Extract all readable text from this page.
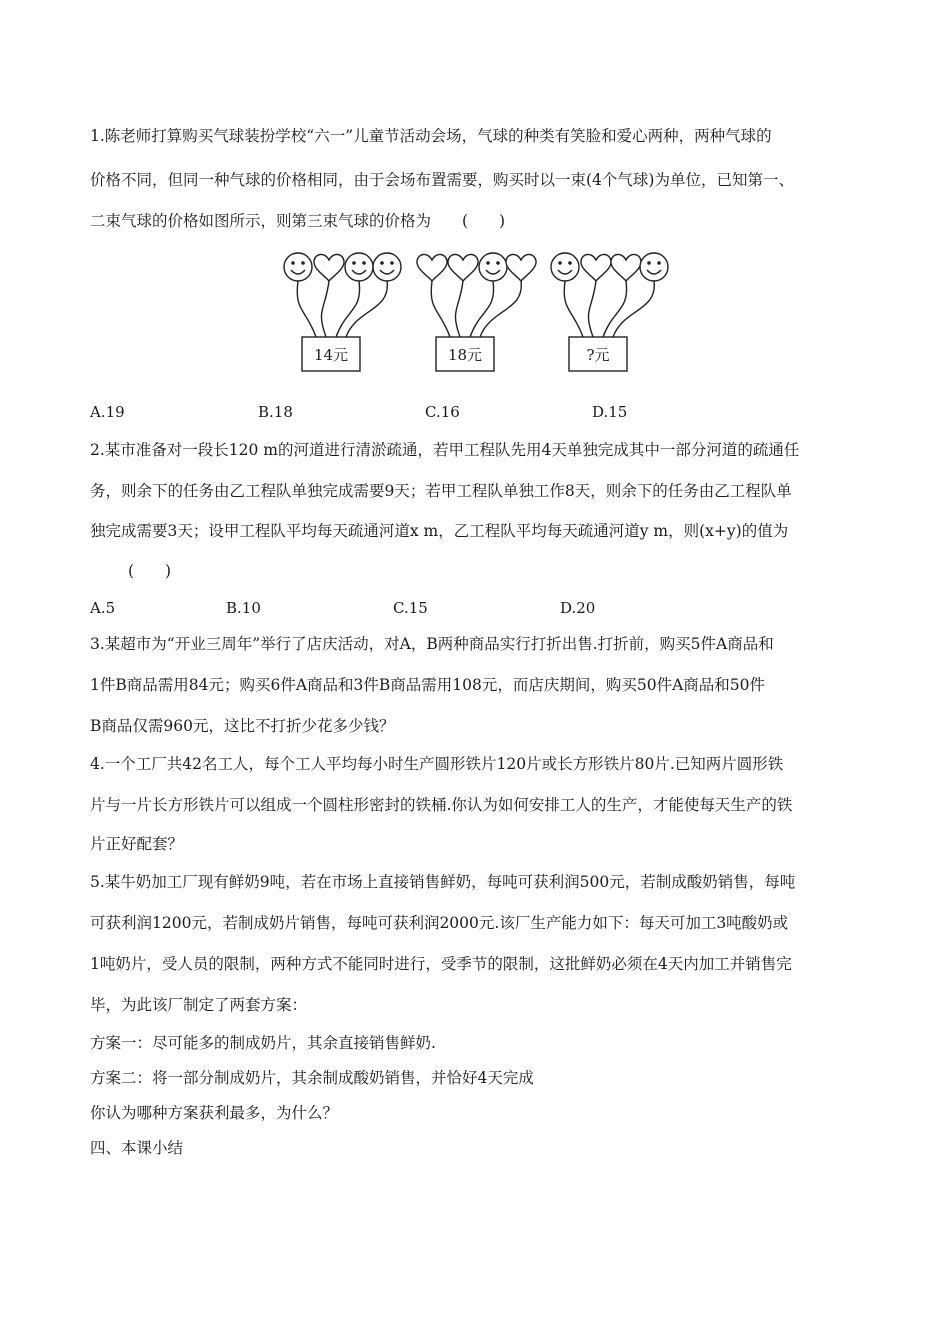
1.陈老师打算购买气球装扮学校“六一”儿童节活动会场，气球的种类有笑脸和爱心两种，两种气球的
价格不同，但同一种气球的价格相同，由于会场布置需要，购买时以一束(4个气球)为单位，已知第一、
二束气球的价格如图所示，则第三束气球的价格为　　(　　)
14元	18元	?元
A.19	B.18	C.16	D.15
2.某市准备对一段长120 m的河道进行清淤疏通，若甲工程队先用4天单独完成其中一部分河道的疏通任
务，则余下的任务由乙工程队单独完成需要9天；若甲工程队单独工作8天，则余下的任务由乙工程队单
独完成需要3天；设甲工程队平均每天疏通河道x m，乙工程队平均每天疏通河道y m，则(x+y)的值为
(　　)
A.5	B.10	C.15	D.20
3.某超市为“开业三周年”举行了店庆活动，对A，B两种商品实行打折出售.打折前，购买5件A商品和
1件B商品需用84元；购买6件A商品和3件B商品需用108元，而店庆期间，购买50件A商品和50件
B商品仅需960元，这比不打折少花多少钱？
4.一个工厂共42名工人，每个工人平均每小时生产圆形铁片120片或长方形铁片80片.已知两片圆形铁
片与一片长方形铁片可以组成一个圆柱形密封的铁桶.你认为如何安排工人的生产，才能使每天生产的铁
片正好配套？
5.某牛奶加工厂现有鲜奶9吨，若在市场上直接销售鲜奶，每吨可获利润500元，若制成酸奶销售，每吨
可获利润1200元，若制成奶片销售，每吨可获利润2000元.该厂生产能力如下：每天可加工3吨酸奶或
1吨奶片，受人员的限制，两种方式不能同时进行，受季节的限制，这批鲜奶必须在4天内加工并销售完
毕，为此该厂制定了两套方案：
方案一：尽可能多的制成奶片，其余直接销售鲜奶.
方案二：将一部分制成奶片，其余制成酸奶销售，并恰好4天完成
你认为哪种方案获利最多，为什么？
四、本课小结
